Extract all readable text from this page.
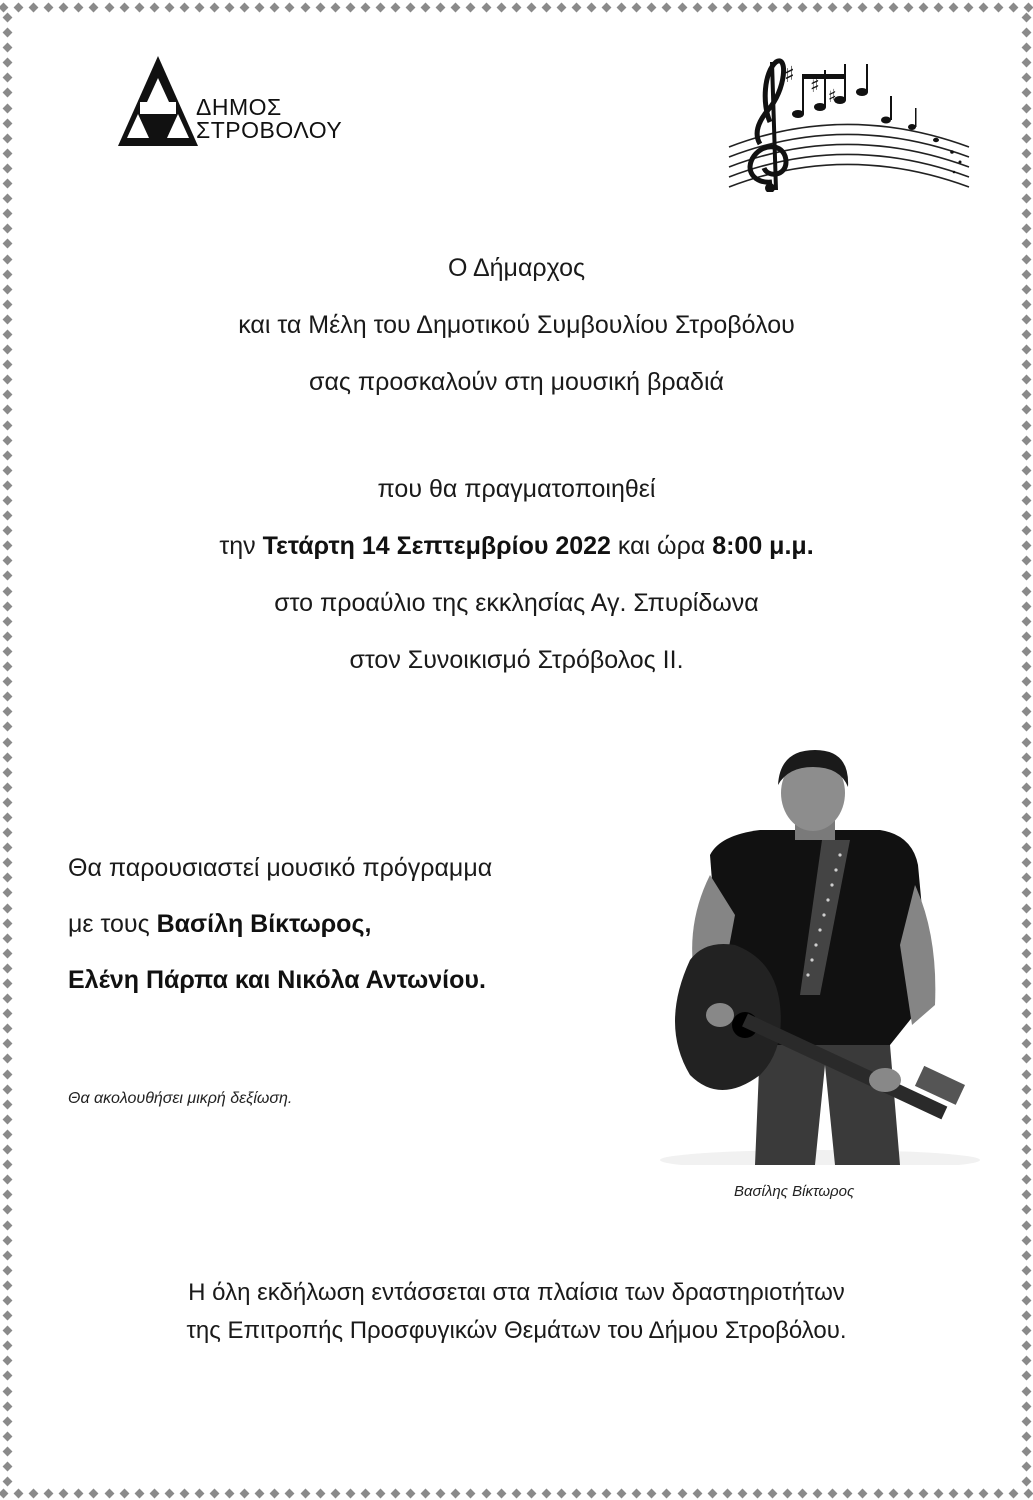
ΔΗΜΟΣ
ΣΤΡΟΒΟΛΟΥ
♯ ♯ ♯
Ο Δήμαρχος
και τα Μέλη του Δημοτικού Συμβουλίου Στροβόλου
σας προσκαλούν στη μουσική βραδιά
που θα πραγματοποιηθεί
την Τετάρτη 14 Σεπτεμβρίου 2022 και ώρα 8:00 μ.μ.
στο προαύλιο της εκκλησίας Αγ. Σπυρίδωνα
στον Συνοικισμό Στρόβολος ΙΙ.
Θα παρουσιαστεί μουσικό πρόγραμμα
με τους Βασίλη Βίκτωρος,
Ελένη Πάρπα και Νικόλα Αντωνίου.
Θα ακολουθήσει μικρή δεξίωση.
Βασίλης Βίκτωρος
Η όλη εκδήλωση εντάσσεται στα πλαίσια των δραστηριοτήτων
της Επιτροπής Προσφυγικών Θεμάτων του Δήμου Στροβόλου.
